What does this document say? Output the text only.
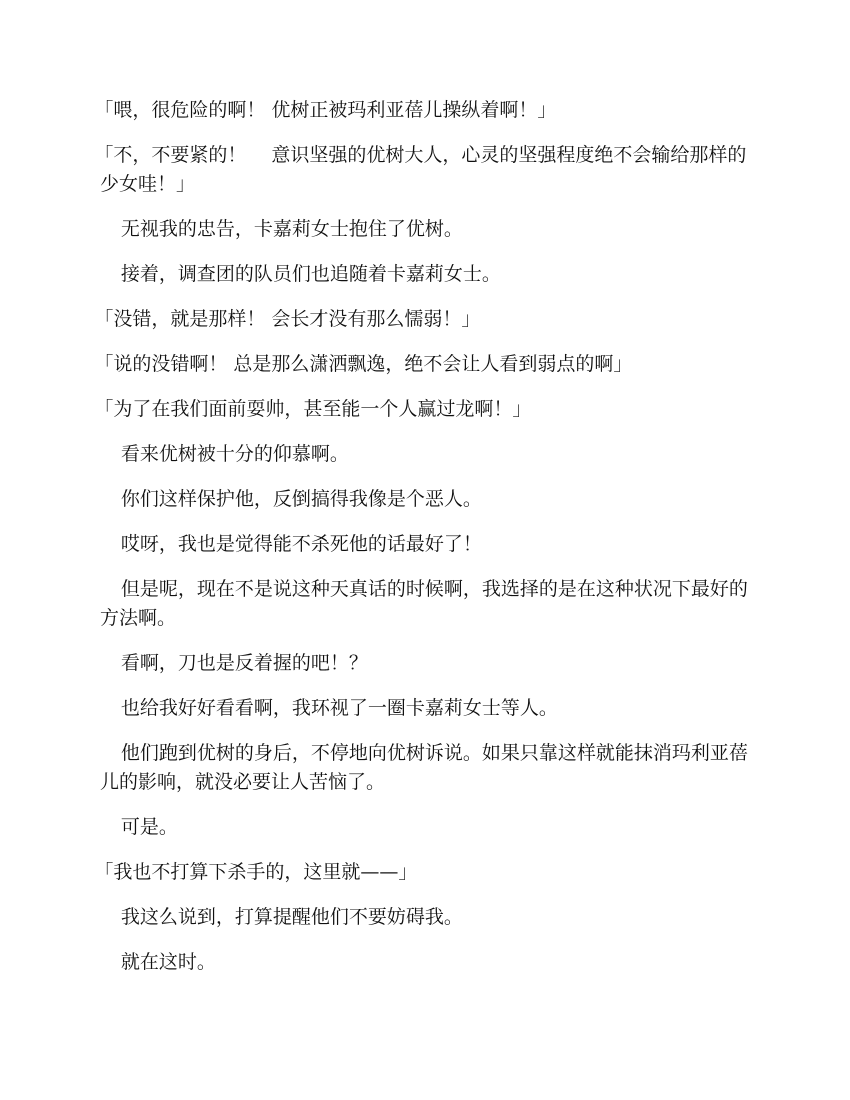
「喂，很危险的啊！ 优树正被玛利亚蓓儿操纵着啊！」

「不，不要紧的！　 意识坚强的优树大人，心灵的坚强程度绝不会输给那样的少女哇！」

无视我的忠告，卡嘉莉女士抱住了优树。

接着，调查团的队员们也追随着卡嘉莉女士。

「没错，就是那样！ 会长才没有那么懦弱！」

「说的没错啊！ 总是那么潇洒飘逸，绝不会让人看到弱点的啊」

「为了在我们面前耍帅，甚至能一个人赢过龙啊！」

看来优树被十分的仰慕啊。

你们这样保护他，反倒搞得我像是个恶人。

哎呀，我也是觉得能不杀死他的话最好了！

但是呢，现在不是说这种天真话的时候啊，我选择的是在这种状况下最好的方法啊。

看啊，刀也是反着握的吧！？

也给我好好看看啊，我环视了一圈卡嘉莉女士等人。

他们跑到优树的身后，不停地向优树诉说。如果只靠这样就能抹消玛利亚蓓儿的影响，就没必要让人苦恼了。

可是。

「我也不打算下杀手的，这里就——」

我这么说到，打算提醒他们不要妨碍我。

就在这时。
